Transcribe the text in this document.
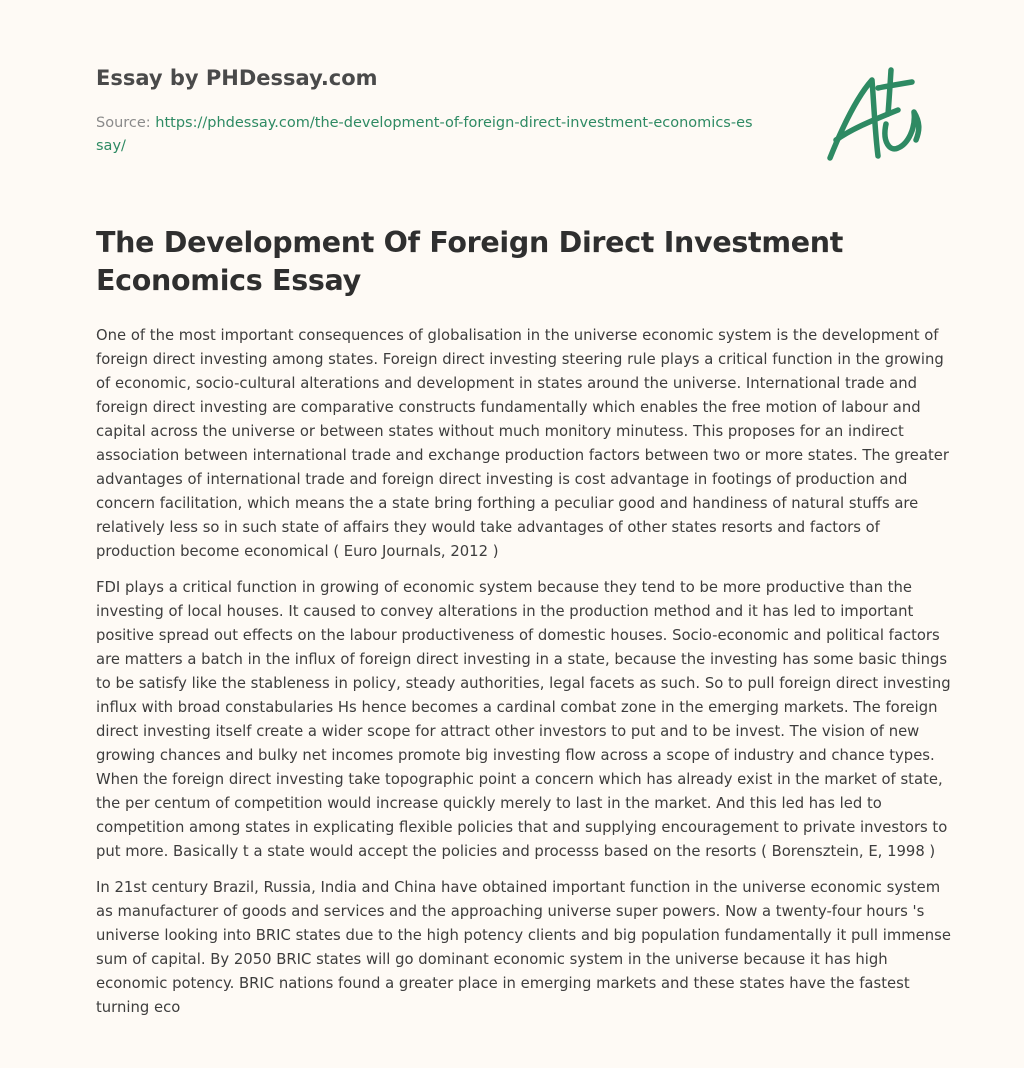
Essay by PHDessay.com
Source: https://phdessay.com/the-development-of-foreign-direct-investment-economics-essay/
The Development Of Foreign Direct Investment Economics Essay

One of the most important consequences of globalisation in the universe economic system is the development of foreign direct investing among states. Foreign direct investing steering rule plays a critical function in the growing of economic, socio-cultural alterations and development in states around the universe. International trade and foreign direct investing are comparative constructs fundamentally which enables the free motion of labour and capital across the universe or between states without much monitory minutess. This proposes for an indirect association between international trade and exchange production factors between two or more states. The greater advantages of international trade and foreign direct investing is cost advantage in footings of production and concern facilitation, which means the a state bring forthing a peculiar good and handiness of natural stuffs are relatively less so in such state of affairs they would take advantages of other states resorts and factors of production become economical ( Euro Journals, 2012 )

FDI plays a critical function in growing of economic system because they tend to be more productive than the investing of local houses. It caused to convey alterations in the production method and it has led to important positive spread out effects on the labour productiveness of domestic houses. Socio-economic and political factors are matters a batch in the influx of foreign direct investing in a state, because the investing has some basic things to be satisfy like the stableness in policy, steady authorities, legal facets as such. So to pull foreign direct investing influx with broad constabularies Hs hence becomes a cardinal combat zone in the emerging markets. The foreign direct investing itself create a wider scope for attract other investors to put and to be invest. The vision of new growing chances and bulky net incomes promote big investing flow across a scope of industry and chance types. When the foreign direct investing take topographic point a concern which has already exist in the market of state, the per centum of competition would increase quickly merely to last in the market. And this led has led to competition among states in explicating flexible policies that and supplying encouragement to private investors to put more. Basically t a state would accept the policies and processs based on the resorts ( Borensztein, E, 1998 )

In 21st century Brazil, Russia, India and China have obtained important function in the universe economic system as manufacturer of goods and services and the approaching universe super powers. Now a twenty-four hours 's universe looking into BRIC states due to the high potency clients and big population fundamentally it pull immense sum of capital. By 2050 BRIC states will go dominant economic system in the universe because it has high economic potency. BRIC nations found a greater place in emerging markets and these states have the fastest turning eco
